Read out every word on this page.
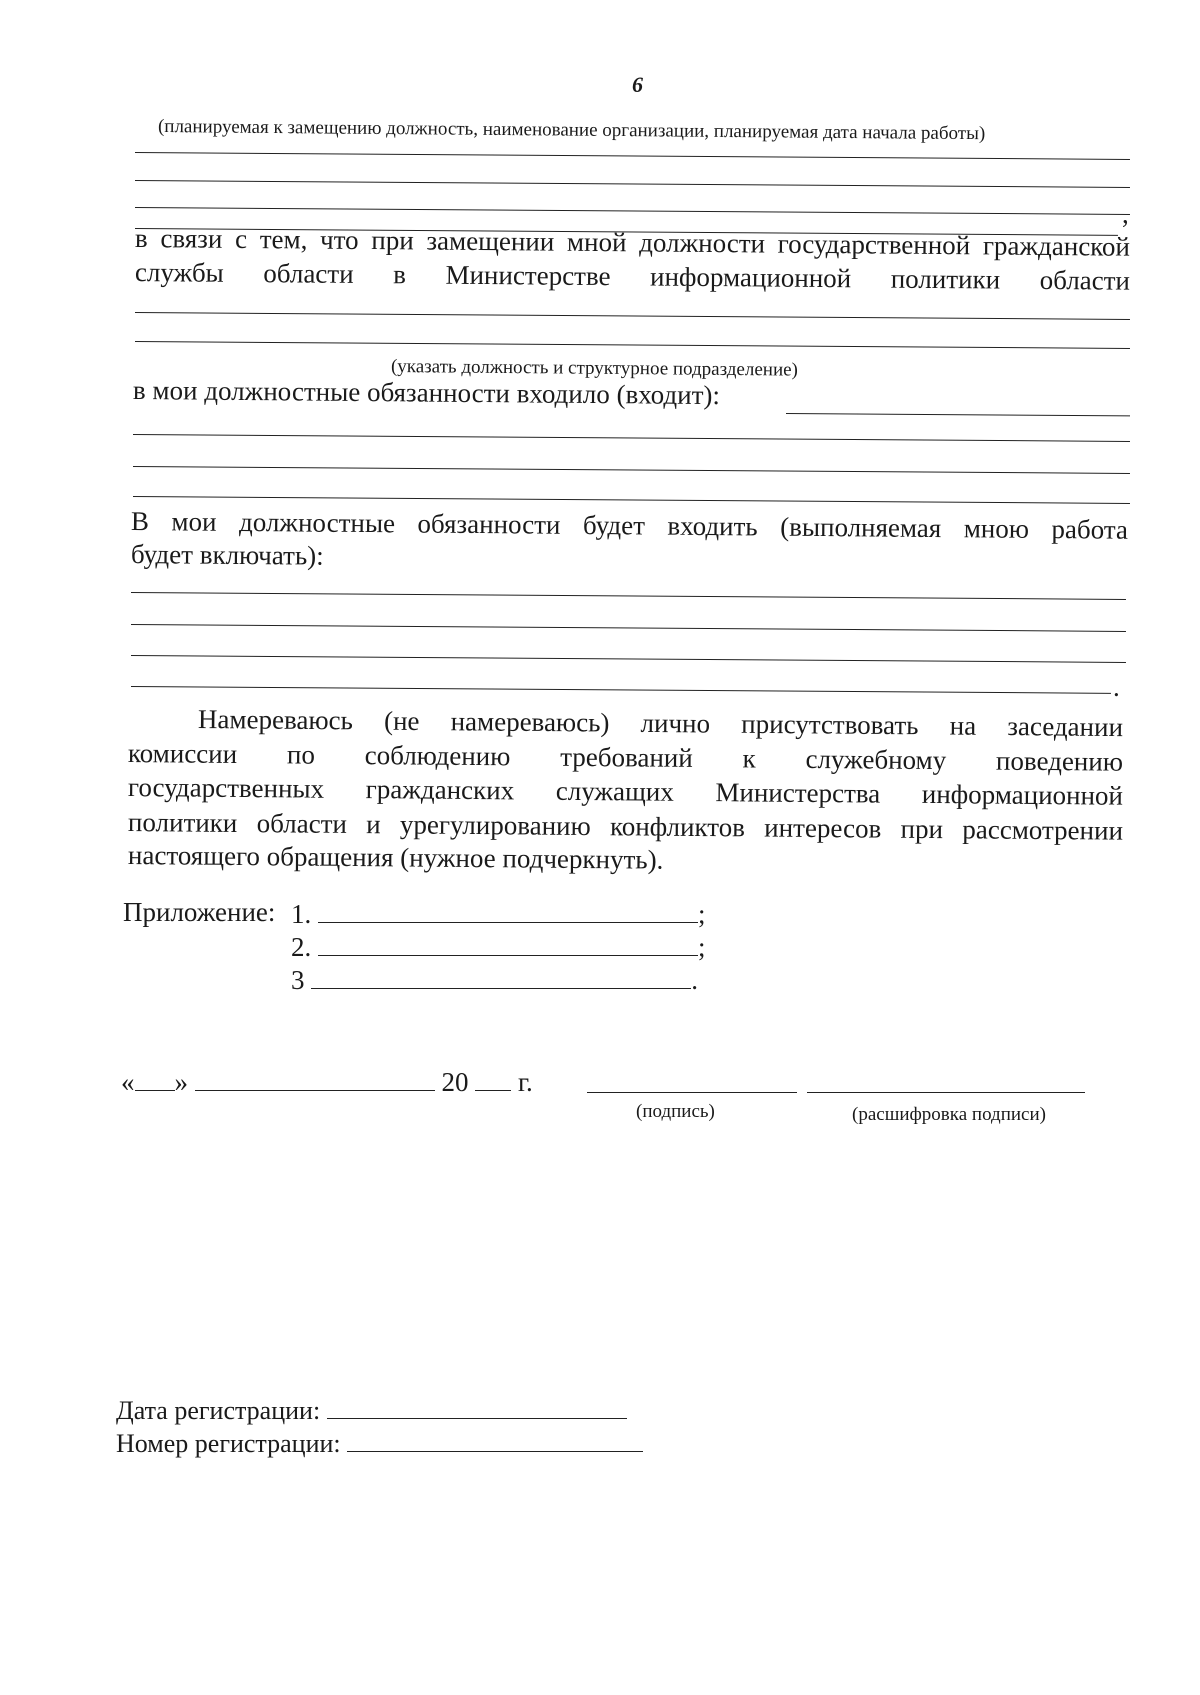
6
(планируемая к замещению должность, наименование организации, планируемая дата начала работы)
,
в связи с тем, что при замещении мной должности государственной гражданской
службы области в Министерстве информационной политики области
(указать должность и структурное подразделение)
в мои должностные обязанности входило (входит):
В мои должностные обязанности будет входить (выполняемая мною работа
будет включать):
.
Намереваюсь (не намереваюсь) лично присутствовать на заседании
комиссии по соблюдению требований к служебному поведению
государственных гражданских служащих Министерства информационной
политики области и урегулированию конфликтов интересов при рассмотрении
настоящего обращения (нужное подчеркнуть).
Приложение: 1.	;
2.	;
3	.
« »	20 г.
(подпись)	(расшифровка подписи)
Дата регистрации:
Номер регистрации:
